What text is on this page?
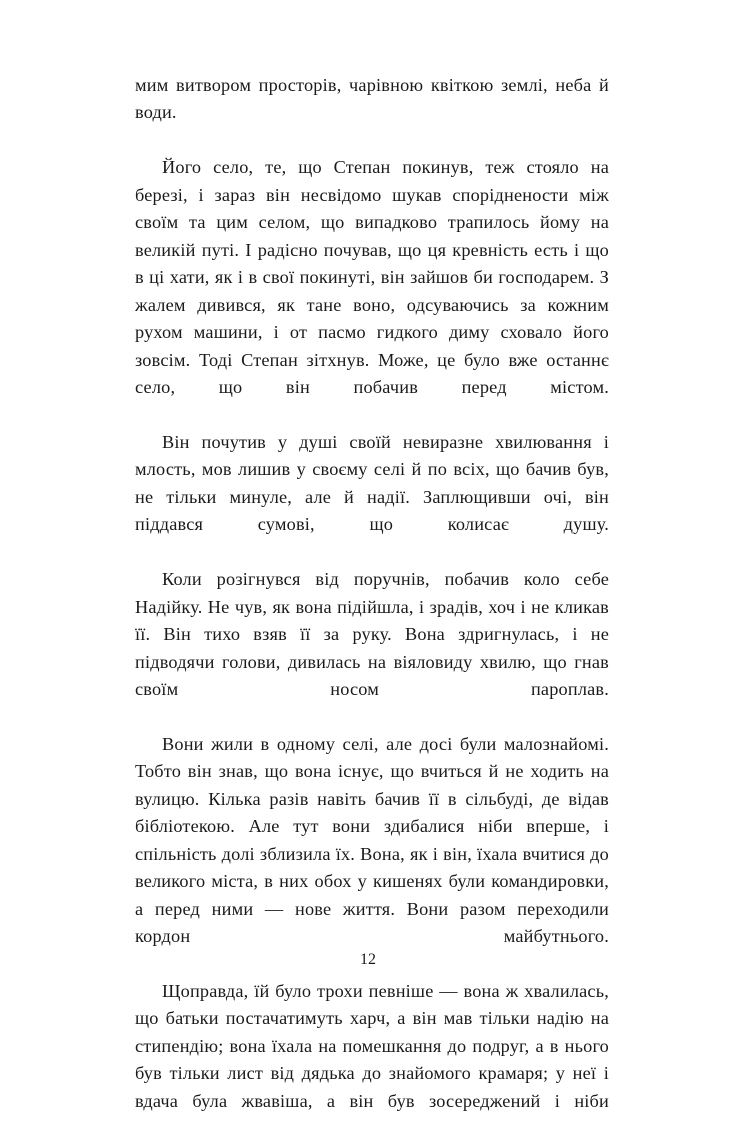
мим витвором просторів, чарівною квіткою землі, неба й води.

Його село, те, що Степан покинув, теж стояло на березі, і зараз він несвідомо шукав споріднености між своїм та цим селом, що випадково трапилось йому на великій путі. І радісно почував, що ця кревність есть і що в ці хати, як і в свої покинуті, він зайшов би господарем. З жалем дивився, як тане воно, одсуваючись за кожним рухом машини, і от пасмо гидкого диму сховало його зовсім. Тоді Степан зітхнув. Може, це було вже останнє село, що він побачив перед містом.

Він почутив у душі своїй невиразне хвилювання і млость, мов лишив у своєму селі й по всіх, що бачив був, не тільки минуле, але й надії. Заплющивши очі, він піддався сумові, що колисає душу.

Коли розігнувся від поручнів, побачив коло себе Надійку. Не чув, як вона підійшла, і зрадів, хоч і не кликав її. Він тихо взяв її за руку. Вона здригнулась, і не підводячи голови, дивилась на віяловиду хвилю, що гнав своїм носом пароплав.

Вони жили в одному селі, але досі були малознайомі. Тобто він знав, що вона існує, що вчиться й не ходить на вулицю. Кілька разів навіть бачив її в сільбуді, де відав бібліотекою. Але тут вони здибалися ніби вперше, і спільність долі зблизила їх. Вона, як і він, їхала вчитися до великого міста, в них обох у кишенях були командировки, а перед ними — нове життя. Вони разом переходили кордон майбутнього.

Щоправда, їй було трохи певніше — вона ж хвалилась, що батьки постачатимуть харч, а він мав тільки надію на стипендію; вона їхала на помешкання до подруг, а в нього був тільки лист від дядька до знайомого крамаря; у неї і вдача була жвавіша, а він був зосереджений і ніби

12
